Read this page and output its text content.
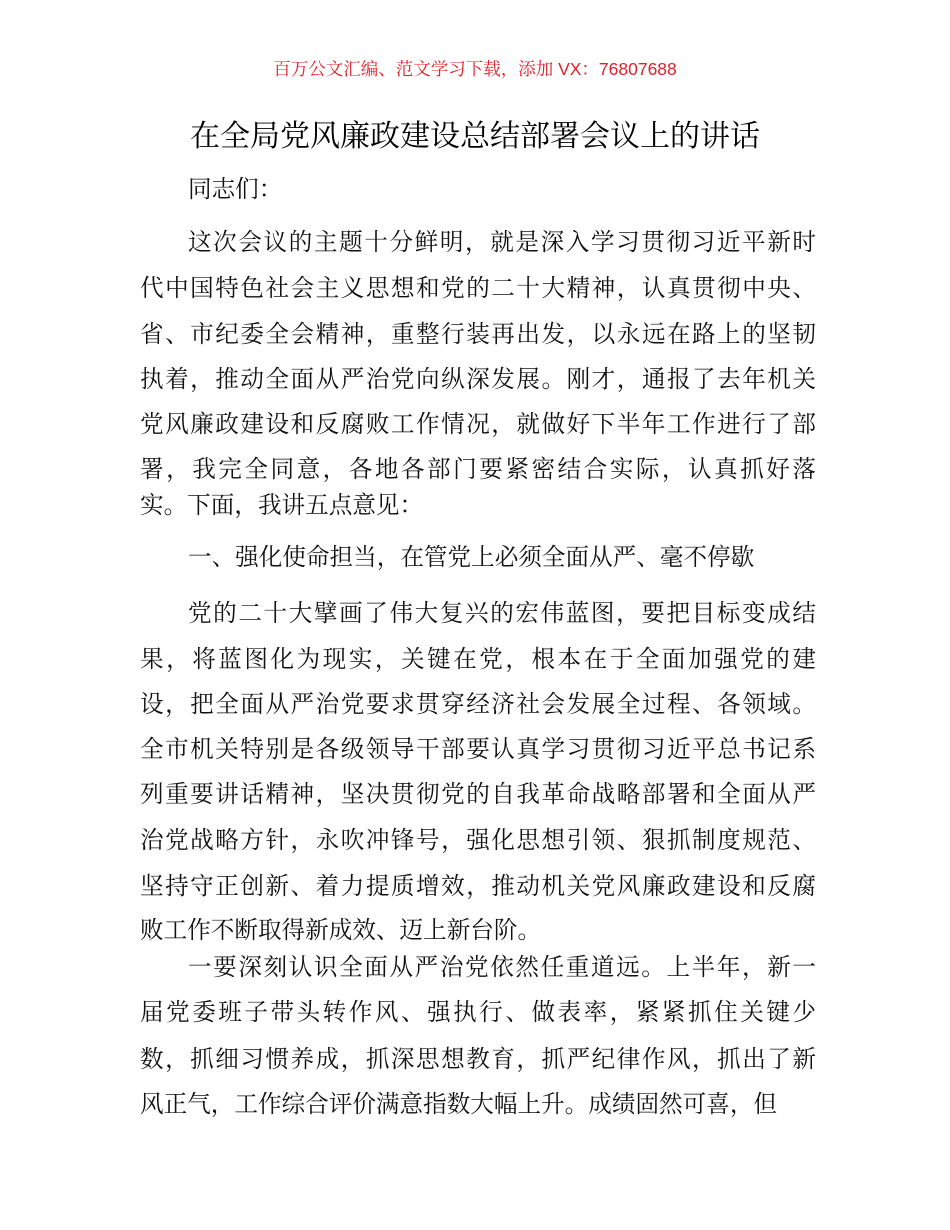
百万公文汇编、范文学习下载，添加 VX：76807688
在全局党风廉政建设总结部署会议上的讲话
同志们：
这次会议的主题十分鲜明，就是深入学习贯彻习近平新时
代中国特色社会主义思想和党的二十大精神，认真贯彻中央、
省、市纪委全会精神，重整行装再出发，以永远在路上的坚韧
执着，推动全面从严治党向纵深发展。刚才，通报了去年机关
党风廉政建设和反腐败工作情况，就做好下半年工作进行了部
署，我完全同意，各地各部门要紧密结合实际，认真抓好落
实。下面，我讲五点意见：
一、强化使命担当，在管党上必须全面从严、毫不停歇
党的二十大擘画了伟大复兴的宏伟蓝图，要把目标变成结
果，将蓝图化为现实，关键在党，根本在于全面加强党的建
设，把全面从严治党要求贯穿经济社会发展全过程、各领域。
全市机关特别是各级领导干部要认真学习贯彻习近平总书记系
列重要讲话精神，坚决贯彻党的自我革命战略部署和全面从严
治党战略方针，永吹冲锋号，强化思想引领、狠抓制度规范、
坚持守正创新、着力提质增效，推动机关党风廉政建设和反腐
败工作不断取得新成效、迈上新台阶。
一要深刻认识全面从严治党依然任重道远。上半年，新一
届党委班子带头转作风、强执行、做表率，紧紧抓住关键少
数，抓细习惯养成，抓深思想教育，抓严纪律作风，抓出了新
风正气，工作综合评价满意指数大幅上升。成绩固然可喜，但
